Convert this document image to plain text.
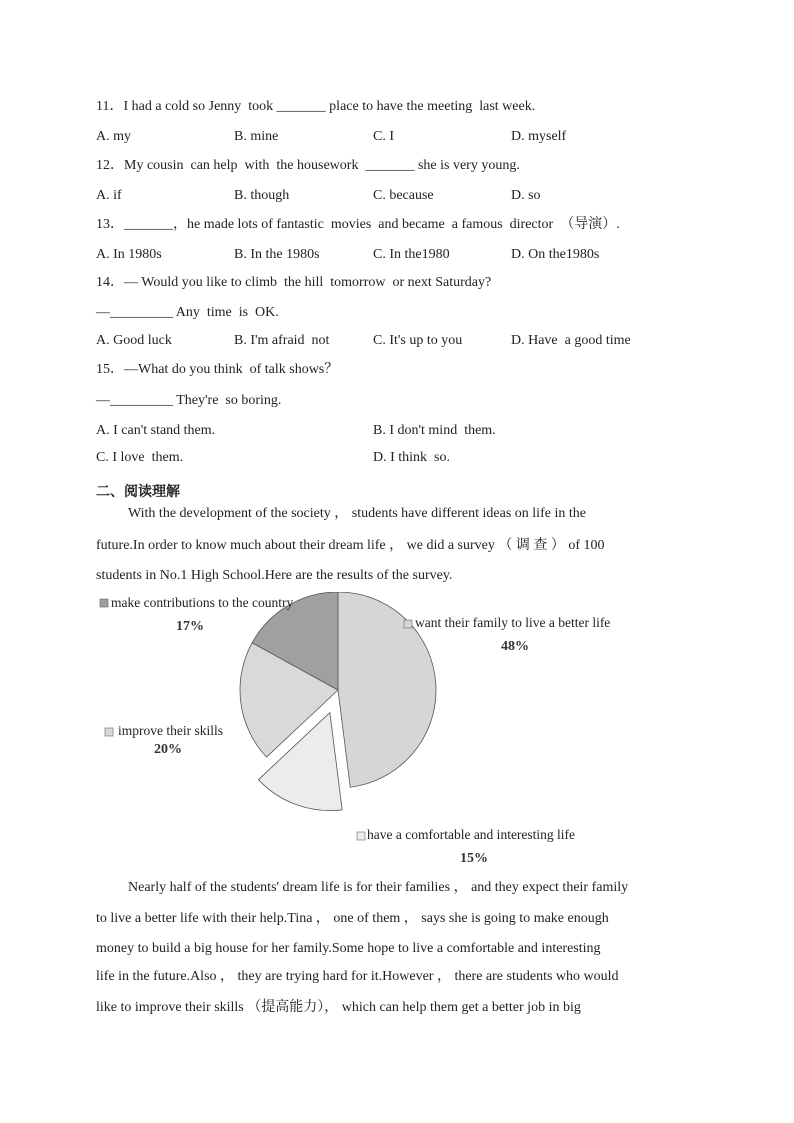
11．I had a cold so Jenny  took _______ place to have the meeting  last week.
A. my	B. mine	C. I	D. myself
12．My cousin  can help  with  the housework  _______ she is very young.
A. if	B. though	C. because	D. so
13．_______，he made lots of fantastic  movies  and became  a famous  director  （导演）.
A. In 1980s	B. In the 1980s	C. In the1980	D. On the1980s
14．— Would you like to climb  the hill  tomorrow  or next Saturday?
—_________ Any  time  is  OK.
A. Good luck	B. I'm afraid  not	C. It's up to you	D. Have  a good time
15．—What do you think  of talk shows？
—_________ They're  so boring.
A. I can't stand them.	B. I don't mind  them.
C. I love  them.	D. I think  so.
二、阅读理解
With the development of the society ， students have different ideas on life in the
future.In order to know much about their dream life ， we did a survey （ 调 查 ） of 100
students in No.1 High School.Here are the results of the survey.
make contributions to the country
17%	want their family to live a better life
48%
improve their skills
20%
have a comfortable and interesting life
15%
Nearly half of the students' dream life is for their families ， and they expect their family
to live a better life with their help.Tina ， one of them ， says she is going to make enough
money to build a big house for her family.Some hope to live a comfortable and interesting
life in the future.Also ， they are trying hard for it.However ， there are students who would
like to improve their skills （提高能力）， which can help them get a better job in big
